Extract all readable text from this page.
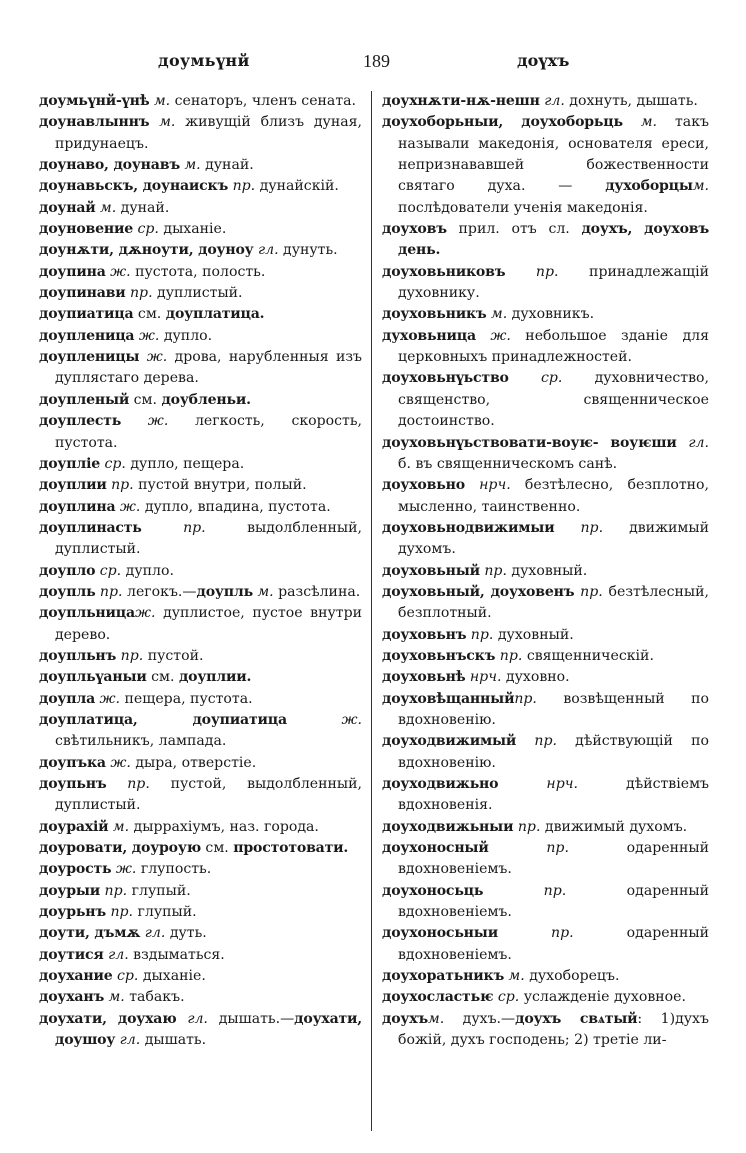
доумьүнй	189	доүхъ

доумьүнй-үнѣ м. сенаторъ, членъ сената.

доунавлыннъ м. живущій близъ дуная, придунаецъ.

доунаво, доунавъ м. дунай.

доунавьскъ, доунаискъ пр. дунайскій.

доунай м. дунай.

доуновение ср. дыханіе.

доунѫти, дѫноути, доуноу гл. дунуть.

доупина ж. пустота, полость.

доупинави пр. дуплистый.

доупиатица см. доуплатица.

доупленица ж. дупло.

доупленицы ж. дрова, нарубленныя изъ дуплястаго дерева.

доупленый см. доубленьи.

доуплесть ж. легкость, скорость, пустота.

доупліе ср. дупло, пещера.

доуплии пр. пустой внутри, полый.

доуплина ж. дупло, впадина, пустота.

доуплинасть	пр. выдолбленный, дуплистый.

доупло ср. дупло.

доупль пр. легокъ.—доупль м. разсѣлина.

доупльницаж. дуплистое, пустое внутри дерево.

доупльнъ пр. пустой.

доупльүаныи см. доуплии.

доупла ж. пещера, пустота.

доуплатица, доупиатица	ж. свѣтильникъ, лампада.

доупъка ж. дыра, отверстіе.

доупьнъ пр. пустой, выдолбленный, дуплистый.

доурахій м. дыррахіумъ, наз. города.

доуровати, доуроую см. простотовати.

доурость ж. глупость.

доурыи пр. глупый.

доурьнъ пр. глупый.

доути, дъмѫ гл. дуть.

доутися гл. вздыматься.

доухание ср. дыханіе.

доуханъ м. табакъ.

доухати, доухаю гл. дышать.—доухати, доушоу гл. дышать.

доухнѫти-нѫ-нешн гл. дохнуть, дышать.

доухоборьныи, доухоборьць м. такъ называли македонія, основателя ереси, непризнававшей божественности святаго духа. — духоборцым. послѣдователи ученія македонія.

доуховъ прил. отъ сл. доухъ, доуховъ день.

доуховьниковъ пр. принадлежащій духовнику.

доуховьникъ м. духовникъ.

духовьница ж. небольшое зданіе для церковныхъ принадлежностей.

доуховьнүьство ср. духовничество, священство, священническое достоинство.

доуховьнүьствовати-воуѥ- воуѥши гл. б. въ священническомъ санѣ.

доуховьно нрч. безтѣлесно, безплотно, мысленно, таинственно.

доуховьнодвижимыи пр. движимый духомъ.

доуховьный пр. духовный.

доуховьный, доуховенъ пр. безтѣлесный, безплотный.

доуховьнъ пр. духовный.

доуховьнъскъ пр. священническій.

доуховьнѣ нрч. духовно.

доуховѣщанныйпр. возвѣщенный по вдохновенію.

доуходвижимый пр. дѣйствующій по вдохновенію.

доуходвижьно	нрч. дѣйствіемъ вдохновенія.

доуходвижьныи пр. движимый духомъ.

доухоносный	пр. одаренный вдохновеніемъ.

доухоносьць	пр. одаренный вдохновеніемъ.

доухоносьныи	пр. одаренный вдохновеніемъ.

доухоратьникъ м. духоборецъ.

доухосластьѥ ср. услажденіе духовное.

доухъм. духъ.—доухъ свѧтый: 1)духъ божій, духъ господень; 2) третіе ли-
